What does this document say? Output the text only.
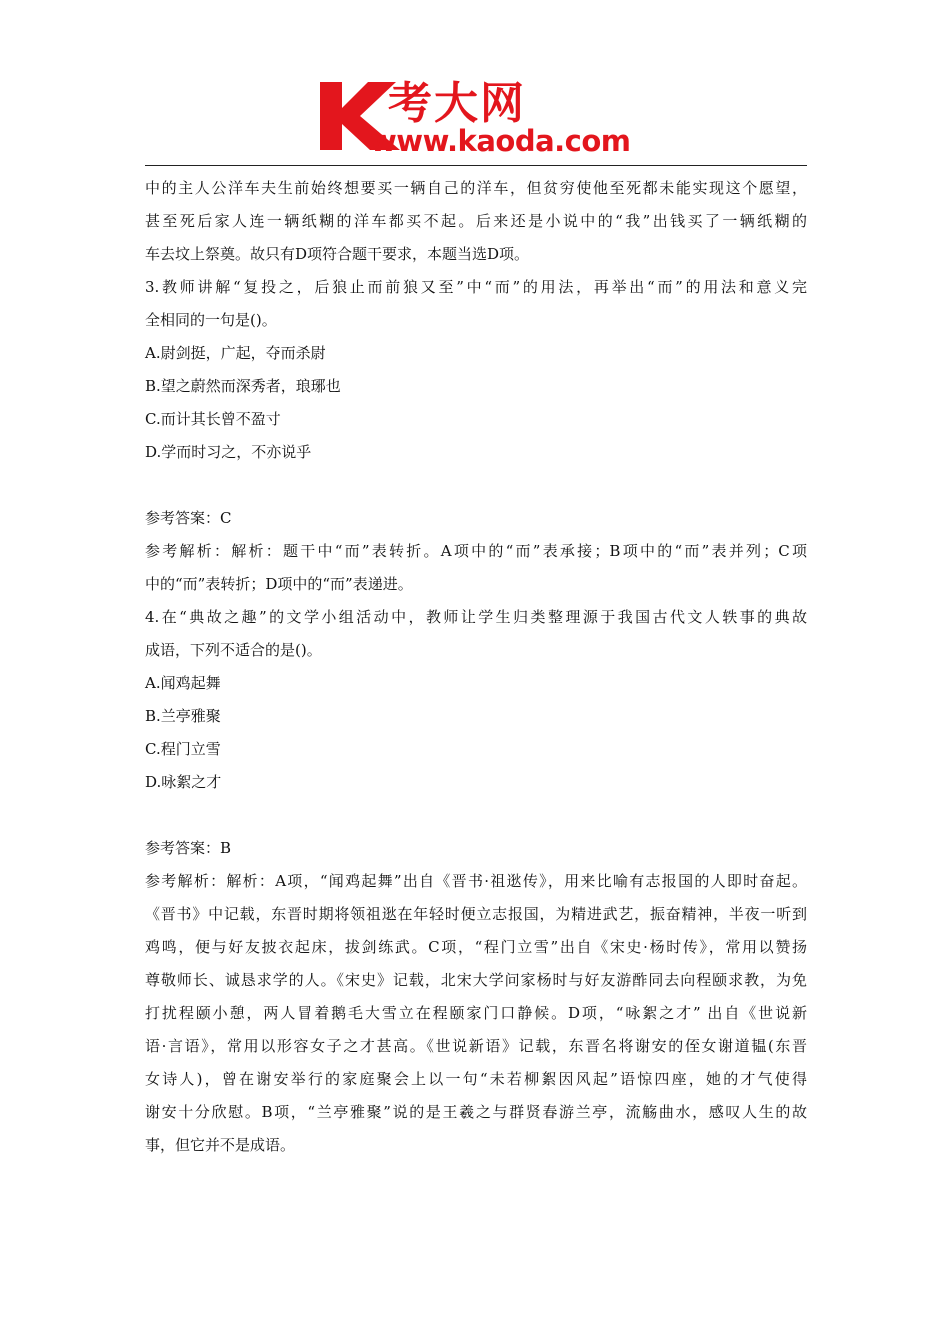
考大网
www.kaoda.com
中的主人公洋车夫生前始终想要买一辆自己的洋车，但贫穷使他至死都未能实现这个愿望，
甚至死后家人连一辆纸糊的洋车都买不起。后来还是小说中的“我”出钱买了一辆纸糊的
车去坟上祭奠。故只有D项符合题干要求，本题当选D项。
3.教师讲解“复投之，后狼止而前狼又至”中“而”的用法，再举出“而”的用法和意义完
全相同的一句是()。
A.尉剑挺，广起，夺而杀尉
B.望之蔚然而深秀者，琅琊也
C.而计其长曾不盈寸
D.学而时习之，不亦说乎
参考答案：C
参考解析：解析：题干中“而”表转折。A项中的“而”表承接；B项中的“而”表并列；C项
中的“而”表转折；D项中的“而”表递进。
4.在“典故之趣”的文学小组活动中，教师让学生归类整理源于我国古代文人轶事的典故
成语，下列不适合的是()。
A.闻鸡起舞
B.兰亭雅聚
C.程门立雪
D.咏絮之才
参考答案：B
参考解析：解析：A项，“闻鸡起舞”出自《晋书·祖逖传》，用来比喻有志报国的人即时奋起。
《晋书》中记载，东晋时期将领祖逖在年轻时便立志报国，为精进武艺，振奋精神，半夜一听到
鸡鸣，便与好友披衣起床，拔剑练武。C项，“程门立雪”出自《宋史·杨时传》，常用以赞扬
尊敬师长、诚恳求学的人。《宋史》记载，北宋大学问家杨时与好友游酢同去向程颐求教，为免
打扰程颐小憩，两人冒着鹅毛大雪立在程颐家门口静候。D项，“咏絮之才” 出自《世说新
语·言语》，常用以形容女子之才甚高。《世说新语》记载，东晋名将谢安的侄女谢道韫(东晋
女诗人)，曾在谢安举行的家庭聚会上以一句“未若柳絮因风起”语惊四座，她的才气使得
谢安十分欣慰。B项，“兰亭雅聚”说的是王羲之与群贤春游兰亭，流觞曲水，感叹人生的故
事，但它并不是成语。
